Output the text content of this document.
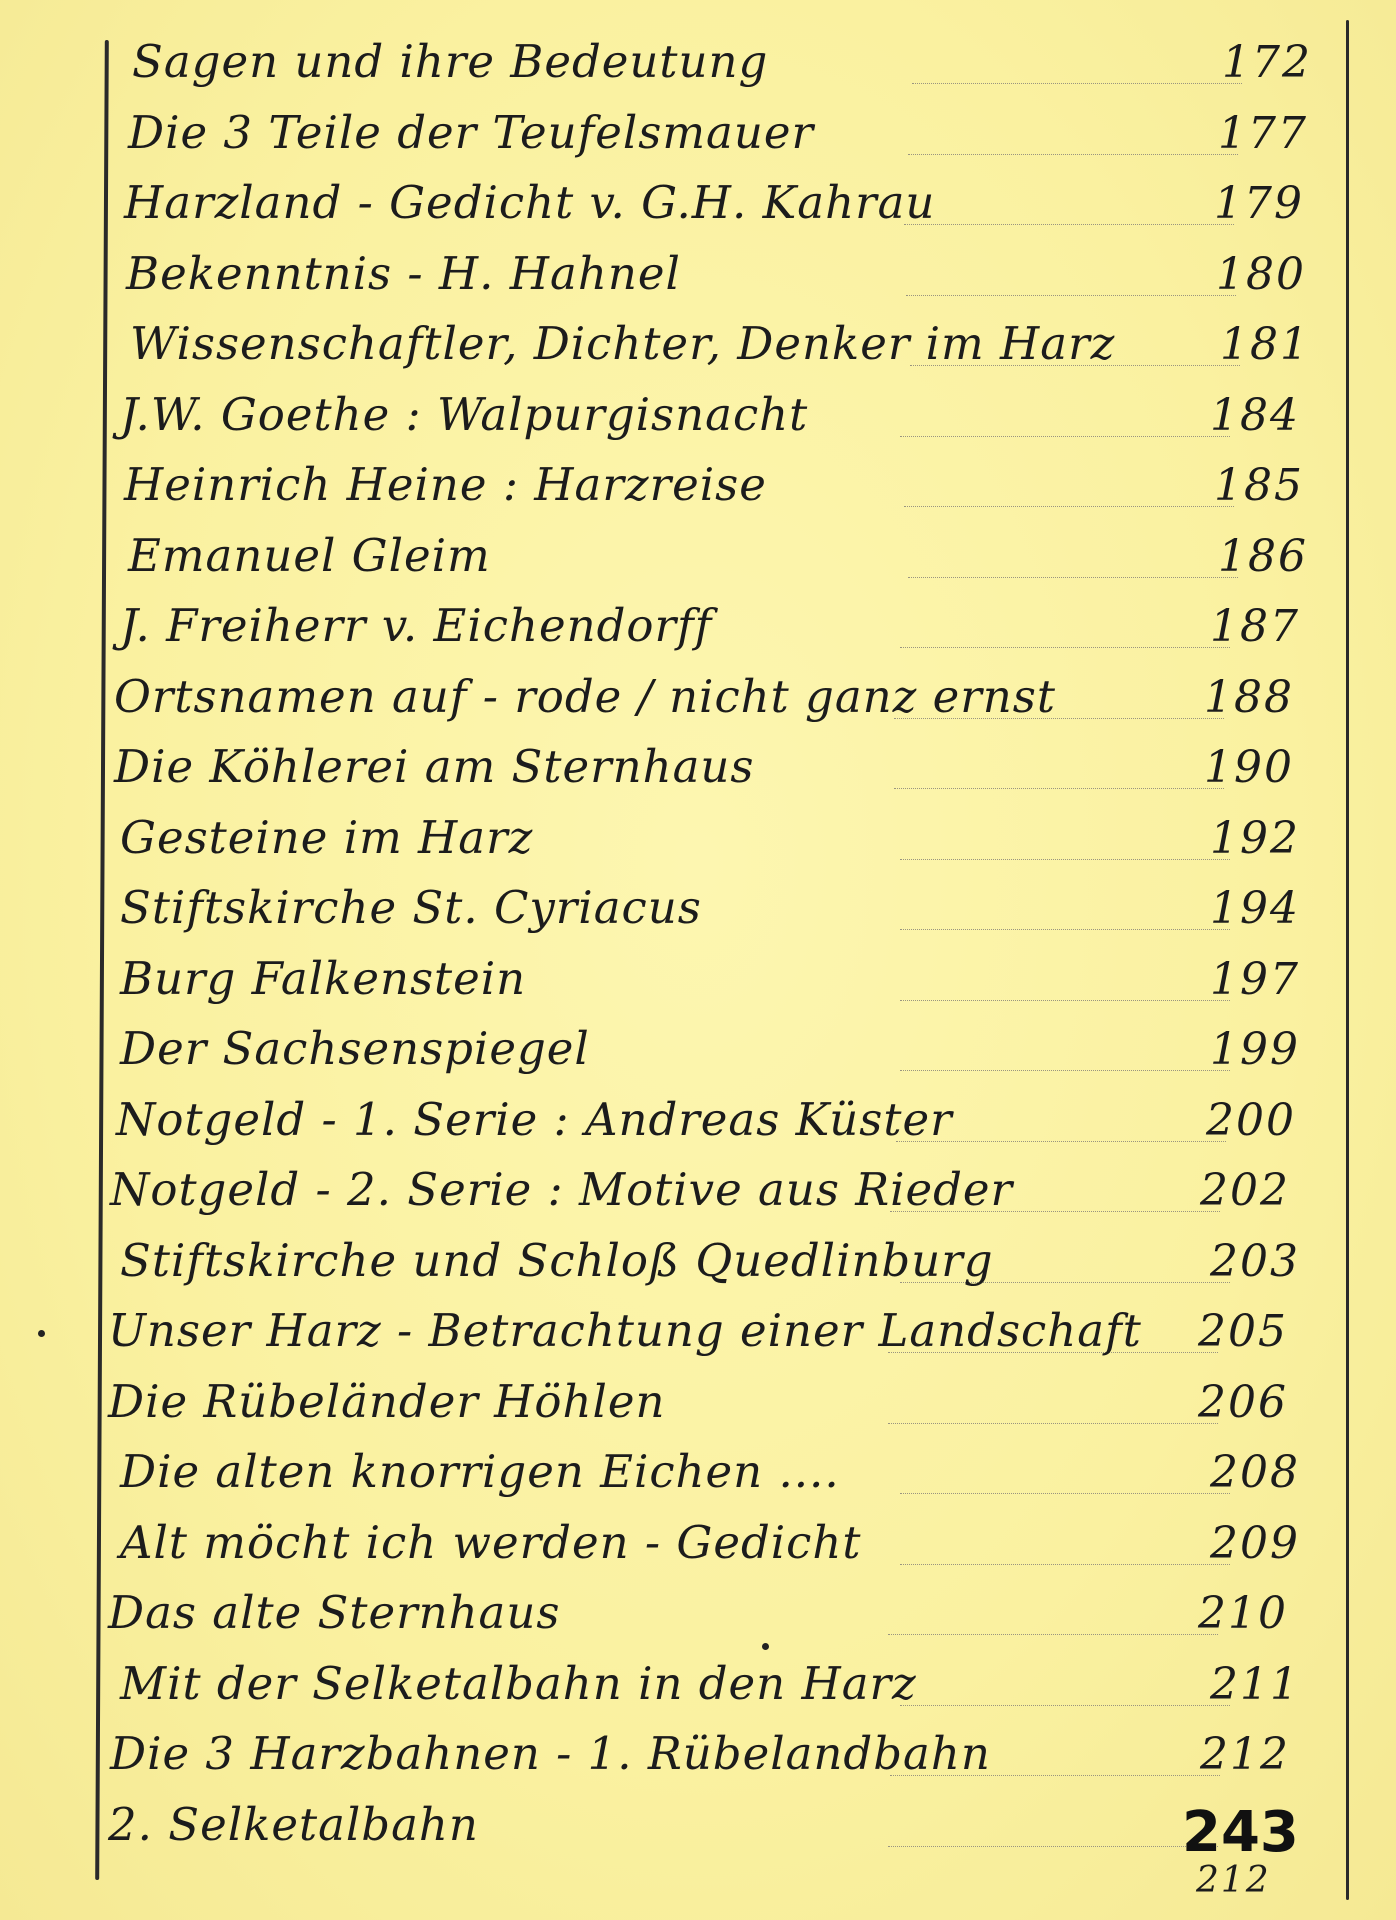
Sagen und ihre Bedeutung	172
Die 3 Teile der Teufelsmauer	177
Harzland - Gedicht v. G.H. Kahrau	179
Bekenntnis - H. Hahnel	180
Wissenschaftler, Dichter, Denker im Harz 181
J.W. Goethe : Walpurgisnacht	184
Heinrich Heine : Harzreise	185
Emanuel Gleim	186
J. Freiherr v. Eichendorff	187
Ortsnamen auf - rode / nicht ganz ernst	188
Die Köhlerei am Sternhaus	190
Gesteine im Harz	192
Stiftskirche St. Cyriacus	194
Burg Falkenstein	197
Der Sachsenspiegel	199
Notgeld - 1. Serie : Andreas Küster	200
Notgeld - 2. Serie : Motive aus Rieder	202
Stiftskirche und Schloß Quedlinburg	203
Unser Harz - Betrachtung einer Landschaft 205
Die Rübeländer Höhlen	206
Die alten knorrigen Eichen ....	208
Alt möcht ich werden - Gedicht	209
Das alte Sternhaus	210
Mit der Selketalbahn in den Harz	211
Die 3 Harzbahnen - 1. Rübelandbahn	212
2. Selketalbahn	243
212
